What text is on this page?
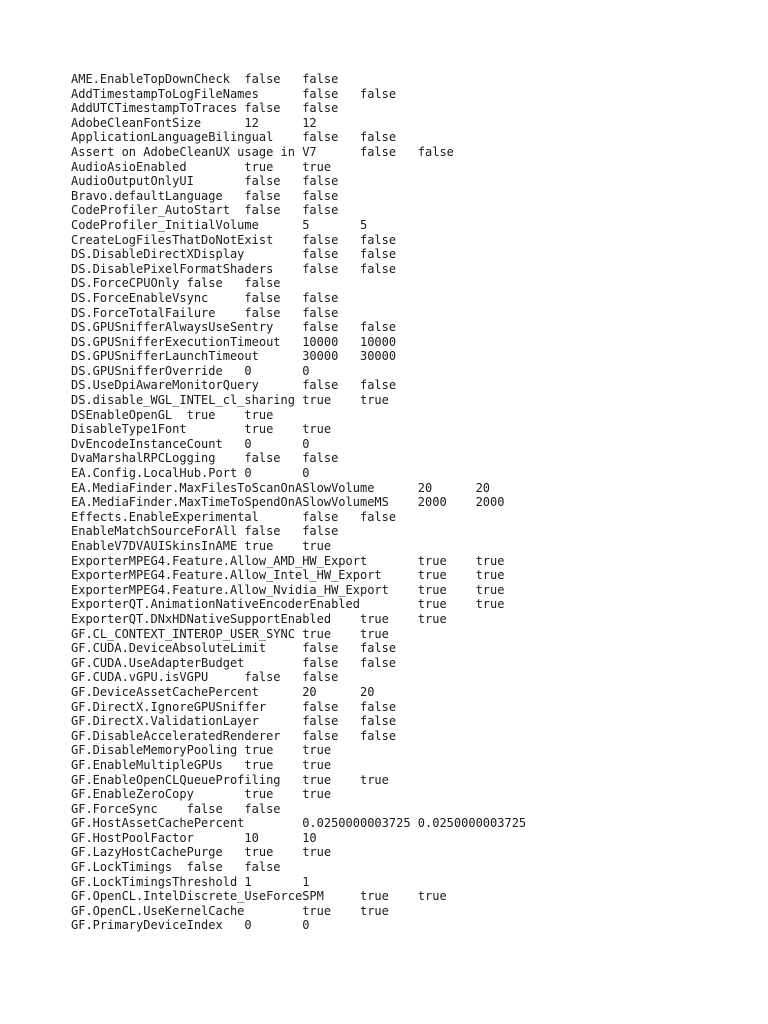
AME.EnableTopDownCheck false false
AddTimestampToLogFileNames	false false
AddUTCTimestampToTraces false false
AdobeCleanFontSize	12	12
ApplicationLanguageBilingual false false
Assert on AdobeCleanUX usage in V7	false false
AudioAsioEnabled	true true
AudioOutputOnlyUI	false false
Bravo.defaultLanguage false false
CodeProfiler_AutoStart false false
CodeProfiler_InitialVolume	5	5
CreateLogFilesThatDoNotExist false false
DS.DisableDirectXDisplay	false false
DS.DisablePixelFormatShaders false false
DS.ForceCPUOnly false false
DS.ForceEnableVsync	false false
DS.ForceTotalFailure false false
DS.GPUSnifferAlwaysUseSentry false false
DS.GPUSnifferExecutionTimeout 10000 10000
DS.GPUSnifferLaunchTimeout	30000 30000
DS.GPUSnifferOverride 0	0
DS.UseDpiAwareMonitorQuery	false false
DS.disable_WGL_INTEL_cl_sharing true true
DSEnableOpenGL true true
DisableType1Font	true true
DvEncodeInstanceCount 0	0
DvaMarshalRPCLogging false false
EA.Config.LocalHub.Port 0	0
EA.MediaFinder.MaxFilesToScanOnASlowVolume	20	20
EA.MediaFinder.MaxTimeToSpendOnASlowVolumeMS 2000 2000
Effects.EnableExperimental	false false
EnableMatchSourceForAll false false
EnableV7DVAUISkinsInAME true true
ExporterMPEG4.Feature.Allow_AMD_HW_Export	true true
ExporterMPEG4.Feature.Allow_Intel_HW_Export	true true
ExporterMPEG4.Feature.Allow_Nvidia_HW_Export true true
ExporterQT.AnimationNativeEncoderEnabled	true true
ExporterQT.DNxHDNativeSupportEnabled true true
GF.CL_CONTEXT_INTEROP_USER_SYNC true true
GF.CUDA.DeviceAbsoluteLimit	false false
GF.CUDA.UseAdapterBudget	false false
GF.CUDA.vGPU.isVGPU	false false
GF.DeviceAssetCachePercent	20	20
GF.DirectX.IgnoreGPUSniffer	false false
GF.DirectX.ValidationLayer	false false
GF.DisableAcceleratedRenderer false false
GF.DisableMemoryPooling true true
GF.EnableMultipleGPUs true true
GF.EnableOpenCLQueueProfiling true true
GF.EnableZeroCopy	true true
GF.ForceSync false false
GF.HostAssetCachePercent	0.0250000003725 0.0250000003725
GF.HostPoolFactor	10	10
GF.LazyHostCachePurge true true
GF.LockTimings false false
GF.LockTimingsThreshold 1	1
GF.OpenCL.IntelDiscrete_UseForceSPM	true true
GF.OpenCL.UseKernelCache	true true
GF.PrimaryDeviceIndex 0	0
